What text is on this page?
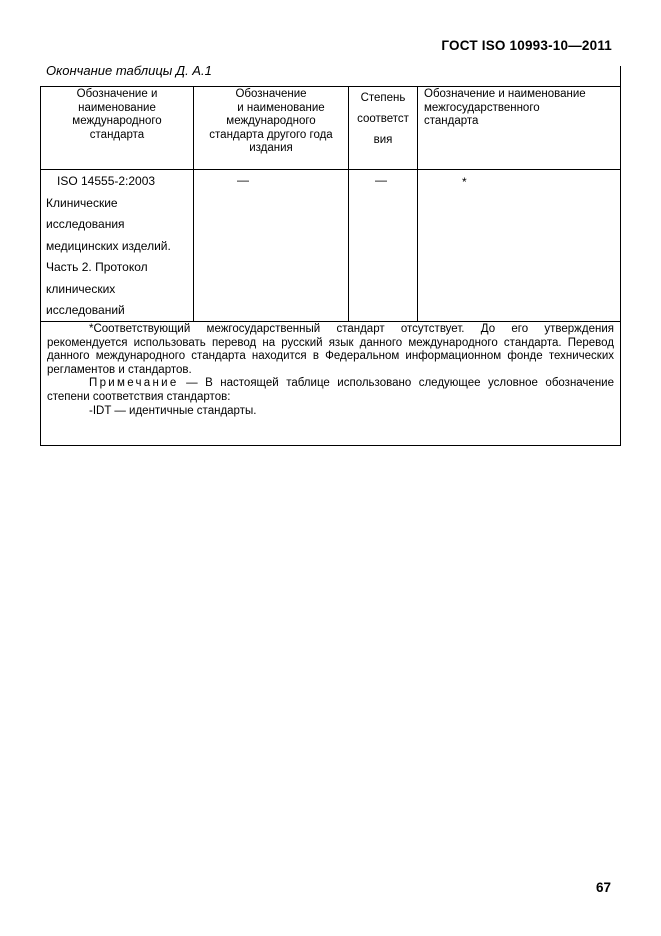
ГОСТ ISO 10993-10—2011
Окончание таблицы Д. А.1
Обозначение и
наименование
международного
стандарта
Обозначение
и наименование
международного
стандарта другого года
издания
Степень
соответст
вия
Обозначение и наименование
межгосударственного
стандарта
ISO 14555-2:2003
Клинические
исследования
медицинских изделий.
Часть 2. Протокол
клинических
исследований
—	—	*

*Соответствующий межгосударственный стандарт отсутствует. До его утверждения рекомендуется использовать перевод на русский язык данного международного стандарта. Перевод данного международного стандарта находится в Федеральном информационном фонде технических регламентов и стандартов.

Примечание — В настоящей таблице использовано следующее условное обозначение степени соответствия стандартов:

-IDT — идентичные стандарты.

67
